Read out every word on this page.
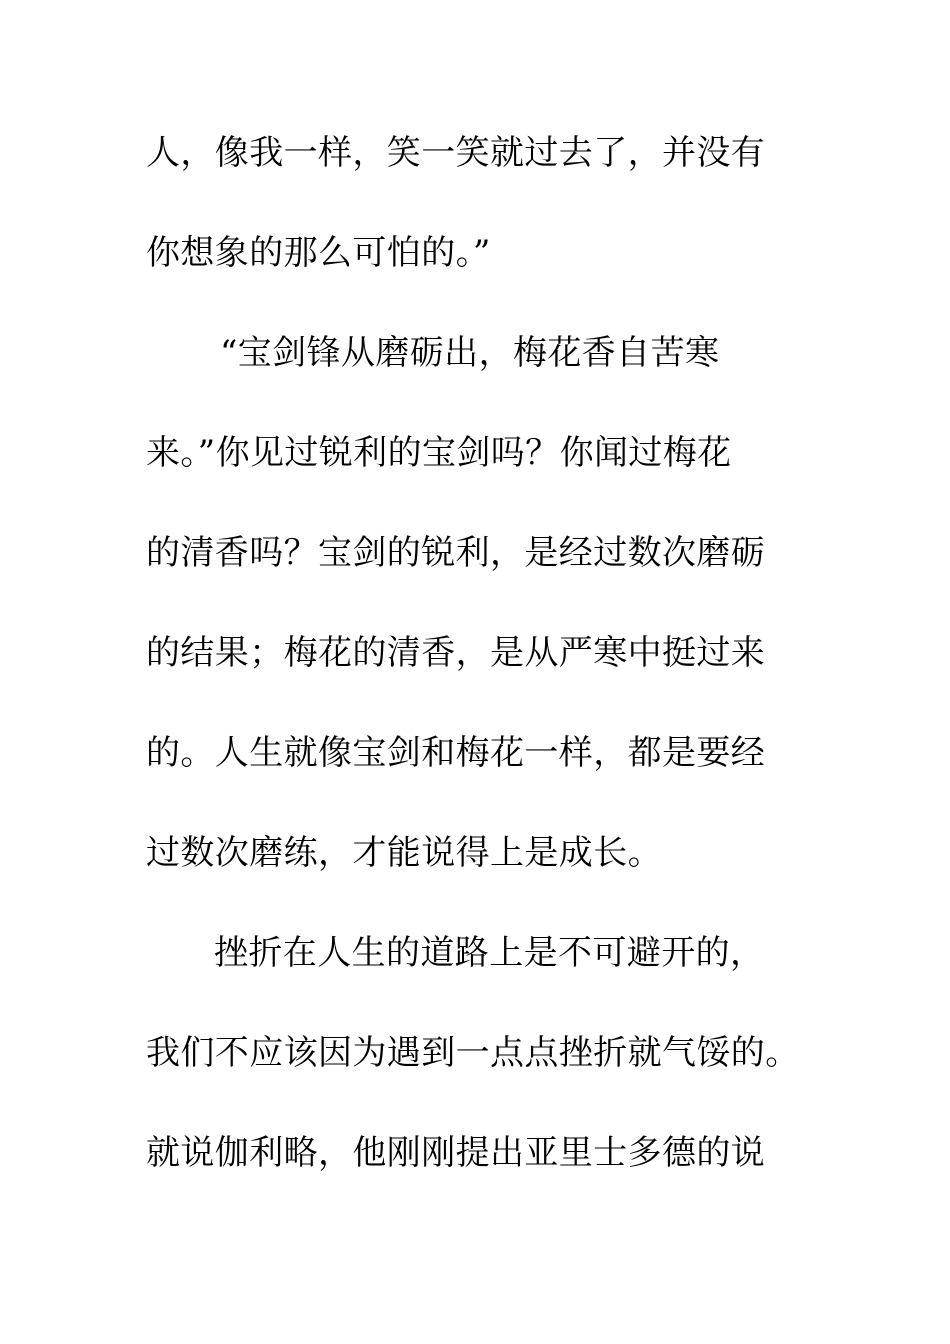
人，像我一样，笑一笑就过去了，并没有
你想象的那么可怕的。”
“宝剑锋从磨砺出，梅花香自苦寒
来。”你见过锐利的宝剑吗？你闻过梅花
的清香吗？宝剑的锐利，是经过数次磨砺
的结果；梅花的清香，是从严寒中挺过来
的。人生就像宝剑和梅花一样，都是要经
过数次磨练，才能说得上是成长。
挫折在人生的道路上是不可避开的，
我们不应该因为遇到一点点挫折就气馁的。
就说伽利略，他刚刚提出亚里士多德的说
